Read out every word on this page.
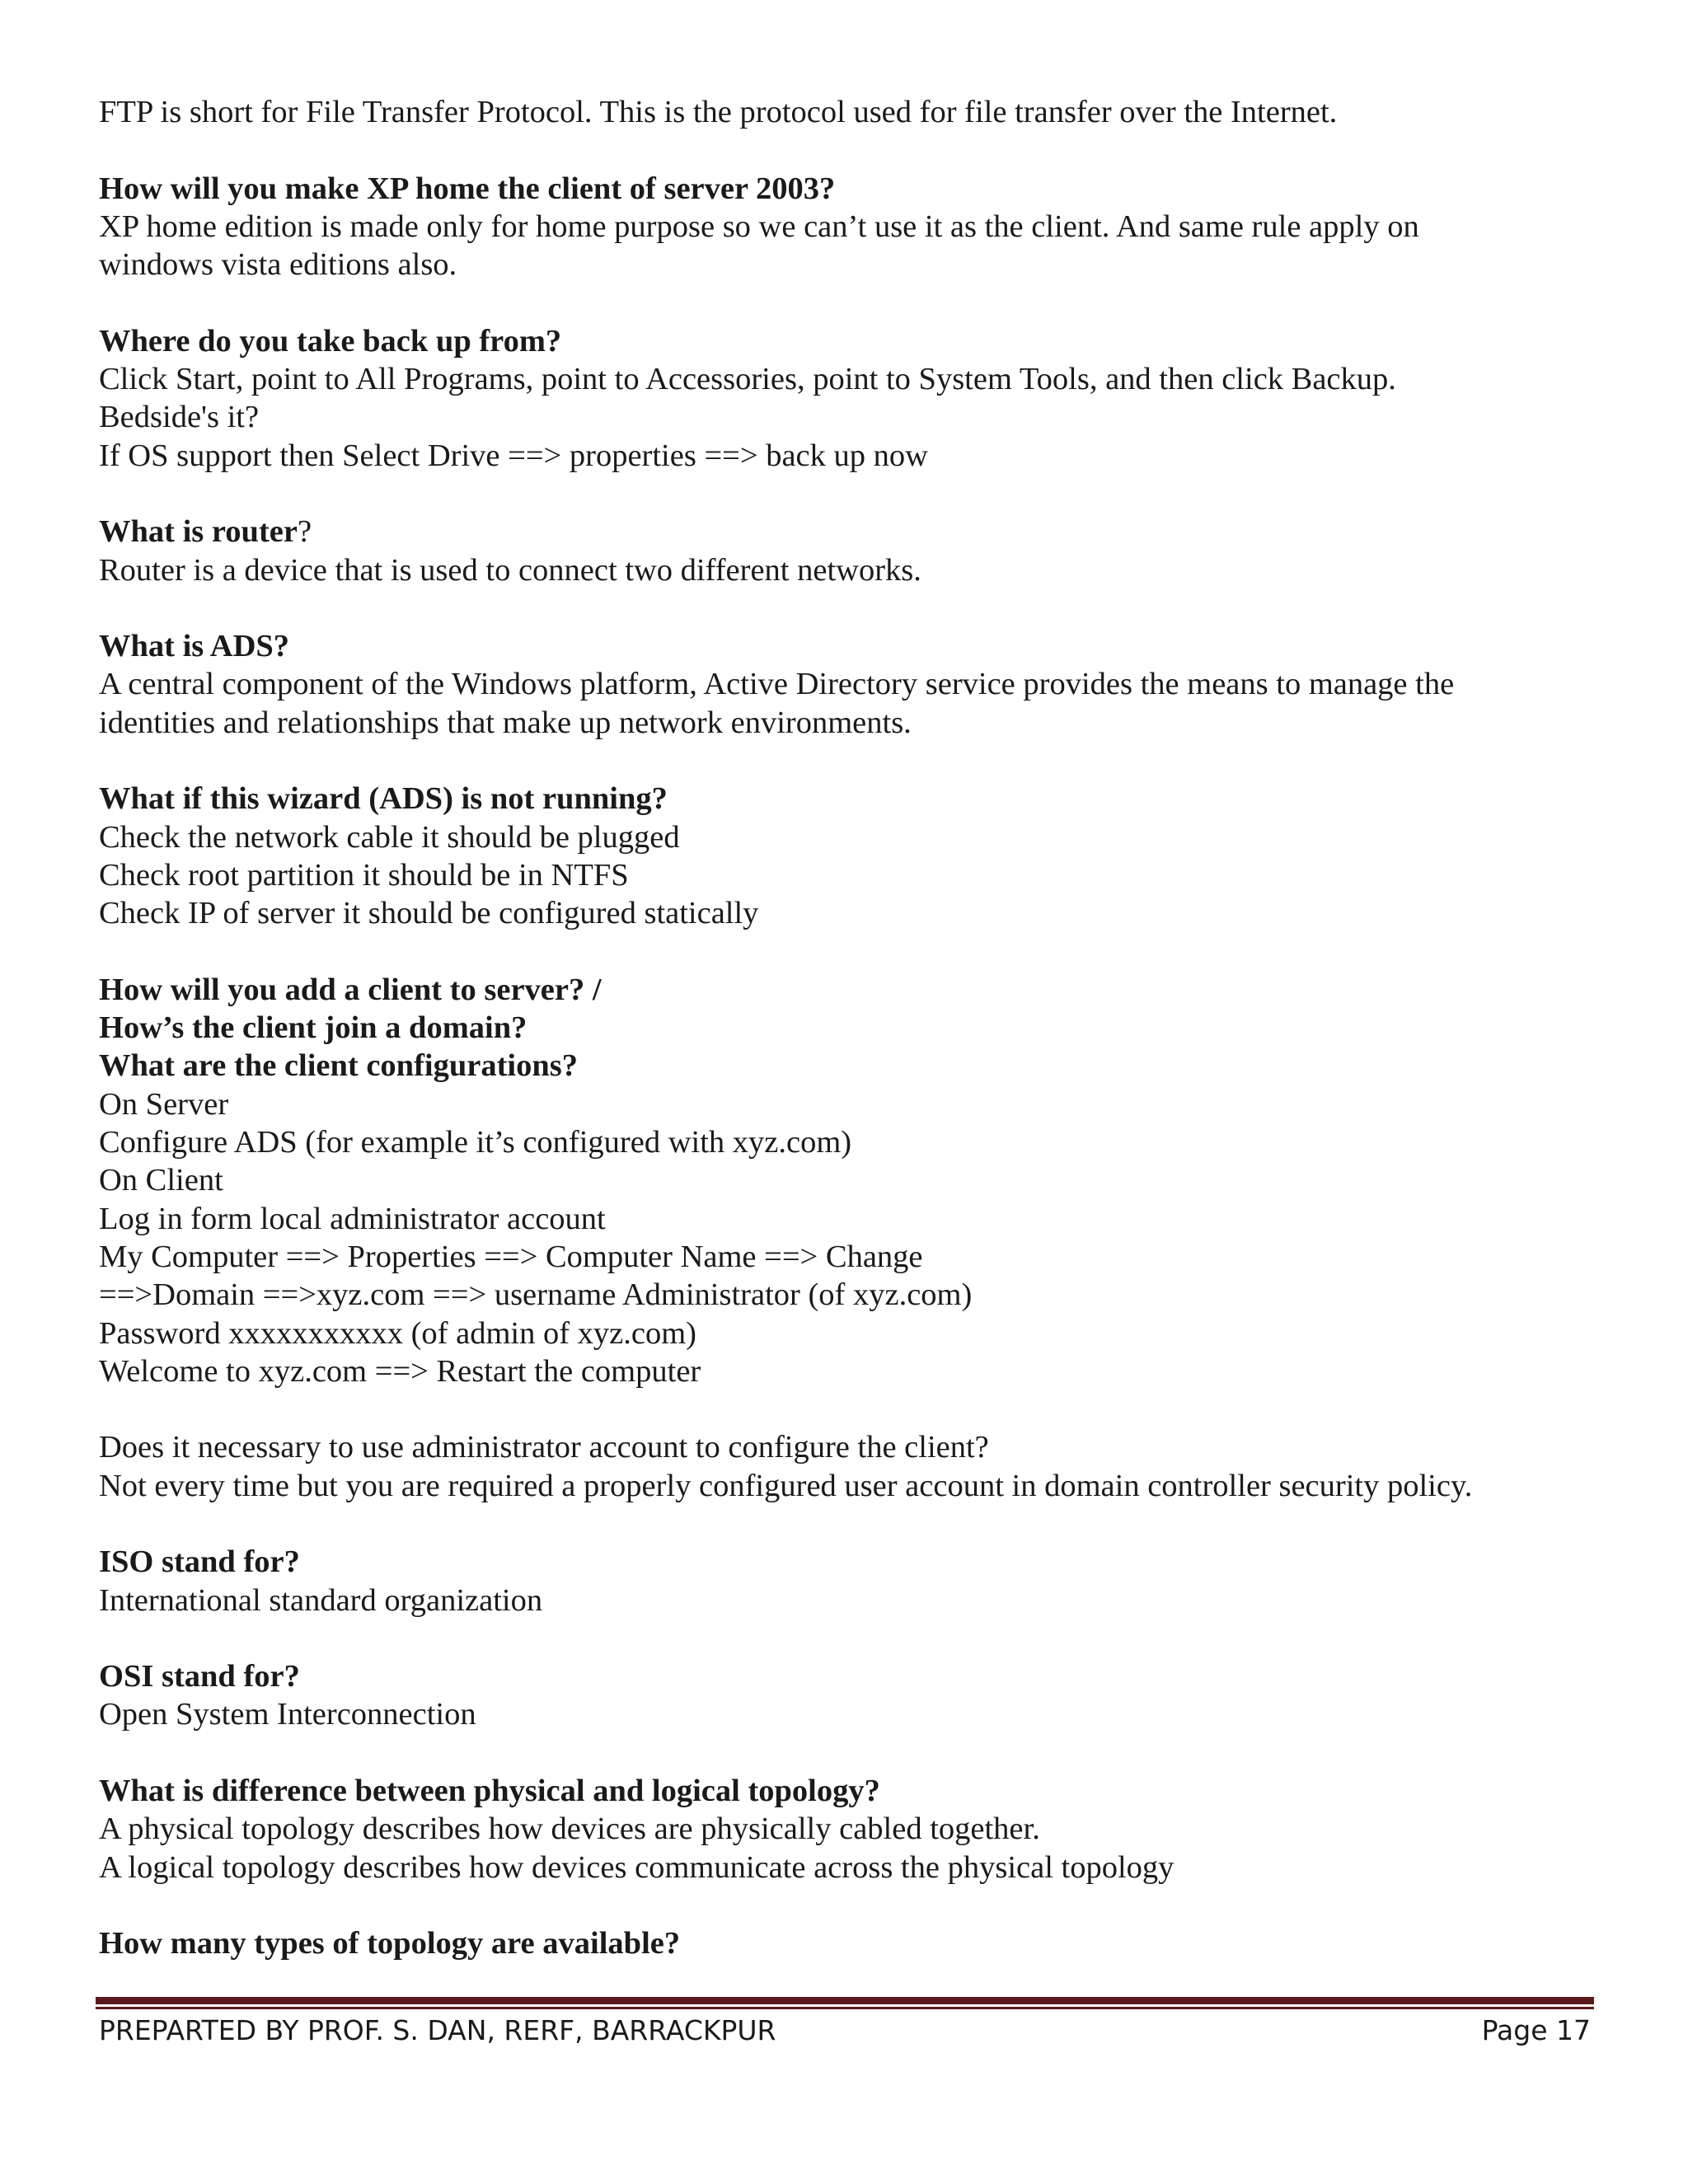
FTP is short for File Transfer Protocol. This is the protocol used for file transfer over the Internet.
How will you make XP home the client of server 2003?
XP home edition is made only for home purpose so we can’t use it as the client. And same rule apply on
windows vista editions also.
Where do you take back up from?
Click Start, point to All Programs, point to Accessories, point to System Tools, and then click Backup.
Bedside's it?
If OS support then Select Drive ==> properties ==> back up now
What is router?
Router is a device that is used to connect two different networks.
What is ADS?
A central component of the Windows platform, Active Directory service provides the means to manage the
identities and relationships that make up network environments.
What if this wizard (ADS) is not running?
Check the network cable it should be plugged
Check root partition it should be in NTFS
Check IP of server it should be configured statically
How will you add a client to server? /
How’s the client join a domain?
What are the client configurations?
On Server
Configure ADS (for example it’s configured with xyz.com)
On Client
Log in form local administrator account
My Computer ==> Properties ==> Computer Name ==> Change
==>Domain ==>xyz.com ==> username Administrator (of xyz.com)
Password xxxxxxxxxxx (of admin of xyz.com)
Welcome to xyz.com ==> Restart the computer
Does it necessary to use administrator account to configure the client?
Not every time but you are required a properly configured user account in domain controller security policy.
ISO stand for?
International standard organization
OSI stand for?
Open System Interconnection
What is difference between physical and logical topology?
A physical topology describes how devices are physically cabled together.
A logical topology describes how devices communicate across the physical topology
How many types of topology are available?
PREPARTED BY PROF. S. DAN, RERF, BARRACKPUR	Page 17
